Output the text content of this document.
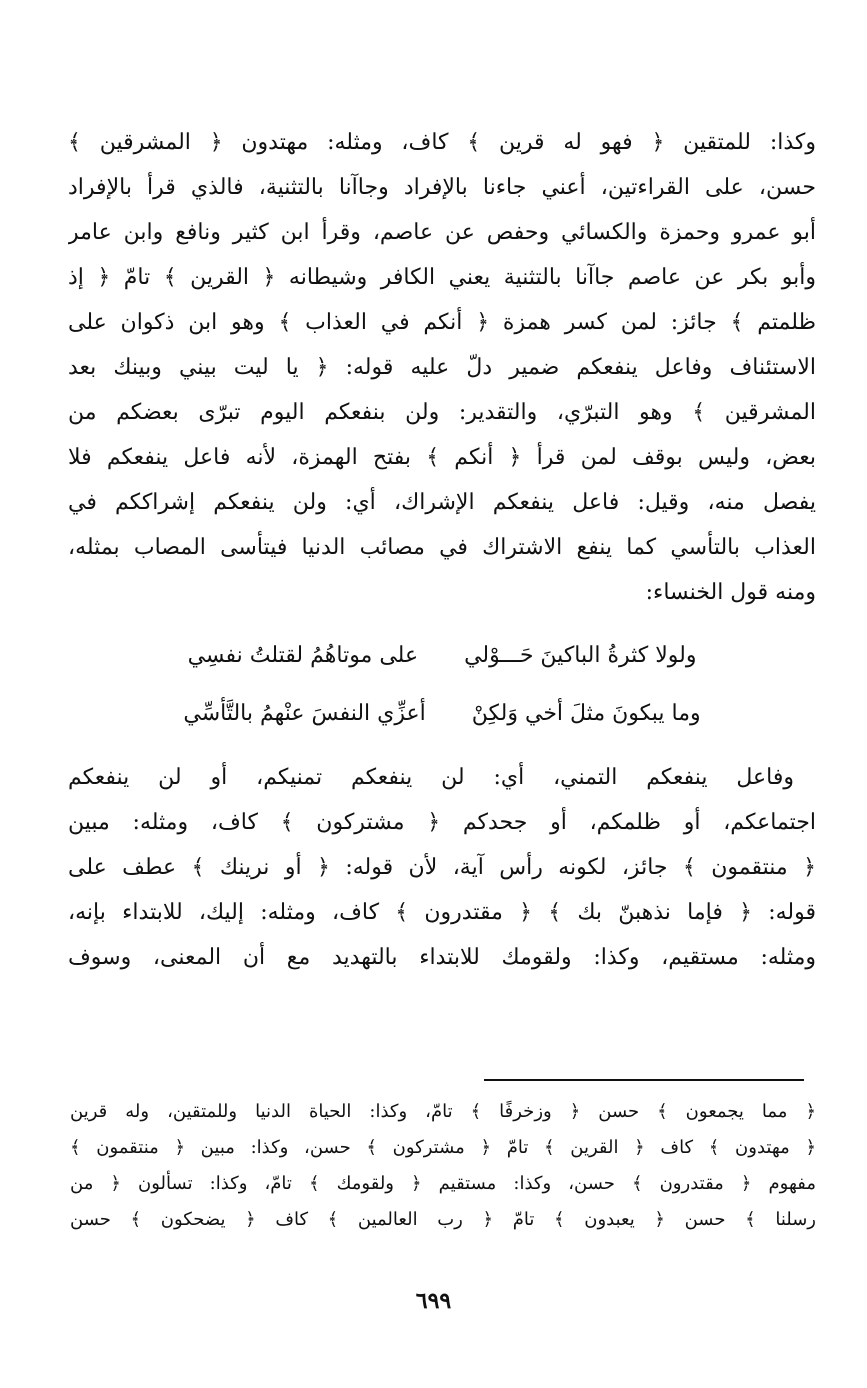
وكذا: للمتقين ﴿ فهو له قرين ﴾ كاف، ومثله: مهتدون ﴿ المشرقين ﴾
حسن، على القراءتين، أعني جاءنا بالإفراد وجاآنا بالتثنية، فالذي قرأ بالإفراد
أبو عمرو وحمزة والكسائي وحفص عن عاصم، وقرأ ابن كثير ونافع وابن عامر
وأبو بكر عن عاصم جاآنا بالتثنية يعني الكافر وشيطانه ﴿ القرين ﴾ تامّ ﴿ إذ
ظلمتم ﴾ جائز: لمن كسر همزة ﴿ أنكم في العذاب ﴾ وهو ابن ذكوان على
الاستئناف وفاعل ينفعكم ضمير دلّ عليه قوله: ﴿ يا ليت بيني وبينك بعد
المشرقين ﴾ وهو التبرّي، والتقدير: ولن بنفعكم اليوم تبرّى بعضكم من
بعض، وليس بوقف لمن قرأ ﴿ أنكم ﴾ بفتح الهمزة، لأنه فاعل ينفعكم فلا
يفصل منه، وقيل: فاعل ينفعكم الإشراك، أي: ولن ينفعكم إشراككم في
العذاب بالتأسي كما ينفع الاشتراك في مصائب الدنيا فيتأسى المصاب بمثله،
ومنه قول الخنساء:
ولولا كثرةُ الباكينَ حَـــوْلي
على موتاهُمُ لقتلتُ نفسِي
وما يبكونَ مثلَ أخي وَلكِنْ
أعزِّي النفسَ عنْهمُ بالتَّأسِّي
وفاعل ينفعكم التمني، أي: لن ينفعكم تمنيكم، أو لن ينفعكم
اجتماعكم، أو ظلمكم، أو جحدكم ﴿ مشتركون ﴾ كاف، ومثله: مبين
﴿ منتقمون ﴾ جائز، لكونه رأس آية، لأن قوله: ﴿ أو نرينك ﴾ عطف على
قوله: ﴿ فإما نذهبنّ بك ﴾ ﴿ مقتدرون ﴾ كاف، ومثله: إليك، للابتداء بإنه،
ومثله: مستقيم، وكذا: ولقومك للابتداء بالتهديد مع أن المعنى، وسوف
﴿ مما يجمعون ﴾ حسن ﴿ وزخرفًا ﴾ تامّ، وكذا: الحياة الدنيا وللمتقين، وله قرين
﴿ مهتدون ﴾ كاف ﴿ القرين ﴾ تامّ ﴿ مشتركون ﴾ حسن، وكذا: مبين ﴿ منتقمون ﴾
مفهوم ﴿ مقتدرون ﴾ حسن، وكذا: مستقيم ﴿ ولقومك ﴾ تامّ، وكذا: تسألون ﴿ من
رسلنا ﴾ حسن ﴿ يعبدون ﴾ تامّ ﴿ رب العالمين ﴾ كاف ﴿ يضحكون ﴾ حسن
٦٩٩
